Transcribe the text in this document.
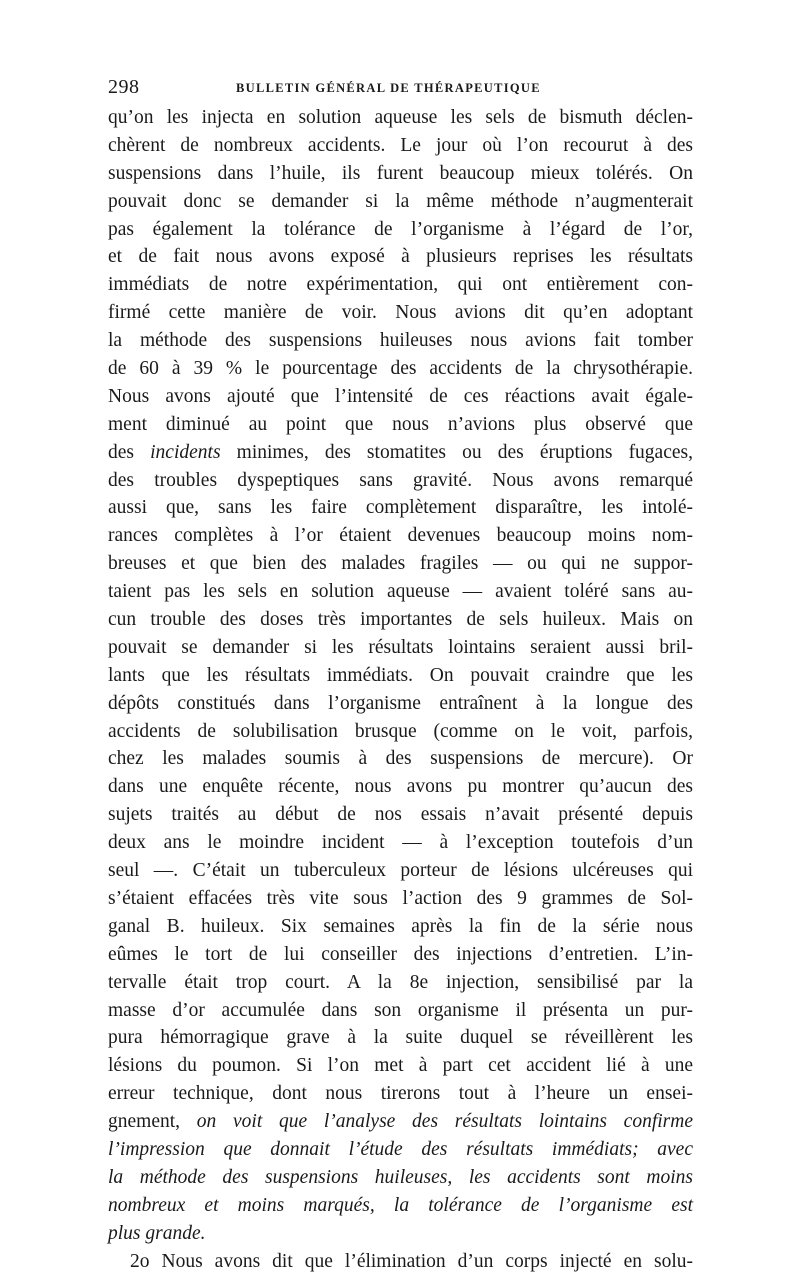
298	BULLETIN GÉNÉRAL DE THÉRAPEUTIQUE
qu’on les injecta en solution aqueuse les sels de bismuth déclen-
chèrent de nombreux accidents. Le jour où l’on recourut à des
suspensions dans l’huile, ils furent beaucoup mieux tolérés. On
pouvait donc se demander si la même méthode n’augmenterait
pas également la tolérance de l’organisme à l’égard de l’or,
et de fait nous avons exposé à plusieurs reprises les résultats
immédiats de notre expérimentation, qui ont entièrement con-
firmé cette manière de voir. Nous avions dit qu’en adoptant
la méthode des suspensions huileuses nous avions fait tomber
de 60 à 39 % le pourcentage des accidents de la chrysothérapie.
Nous avons ajouté que l’intensité de ces réactions avait égale-
ment diminué au point que nous n’avions plus observé que
des incidents minimes, des stomatites ou des éruptions fugaces,
des troubles dyspeptiques sans gravité. Nous avons remarqué
aussi que, sans les faire complètement disparaître, les intolé-
rances complètes à l’or étaient devenues beaucoup moins nom-
breuses et que bien des malades fragiles — ou qui ne suppor-
taient pas les sels en solution aqueuse — avaient toléré sans au-
cun trouble des doses très importantes de sels huileux. Mais on
pouvait se demander si les résultats lointains seraient aussi bril-
lants que les résultats immédiats. On pouvait craindre que les
dépôts constitués dans l’organisme entraînent à la longue des
accidents de solubilisation brusque (comme on le voit, parfois,
chez les malades soumis à des suspensions de mercure). Or
dans une enquête récente, nous avons pu montrer qu’aucun des
sujets traités au début de nos essais n’avait présenté depuis
deux ans le moindre incident — à l’exception toutefois d’un
seul —. C’était un tuberculeux porteur de lésions ulcéreuses qui
s’étaient effacées très vite sous l’action des 9 grammes de Sol-
ganal B. huileux. Six semaines après la fin de la série nous
eûmes le tort de lui conseiller des injections d’entretien. L’in-
tervalle était trop court. A la 8e injection, sensibilisé par la
masse d’or accumulée dans son organisme il présenta un pur-
pura hémorragique grave à la suite duquel se réveillèrent les
lésions du poumon. Si l’on met à part cet accident lié à une
erreur technique, dont nous tirerons tout à l’heure un ensei-
gnement, on voit que l’analyse des résultats lointains confirme
l’impression que donnait l’étude des résultats immédiats; avec
la méthode des suspensions huileuses, les accidents sont moins
nombreux et moins marqués, la tolérance de l’organisme est
plus grande.
2o Nous avons dit que l’élimination d’un corps injecté en solu-
